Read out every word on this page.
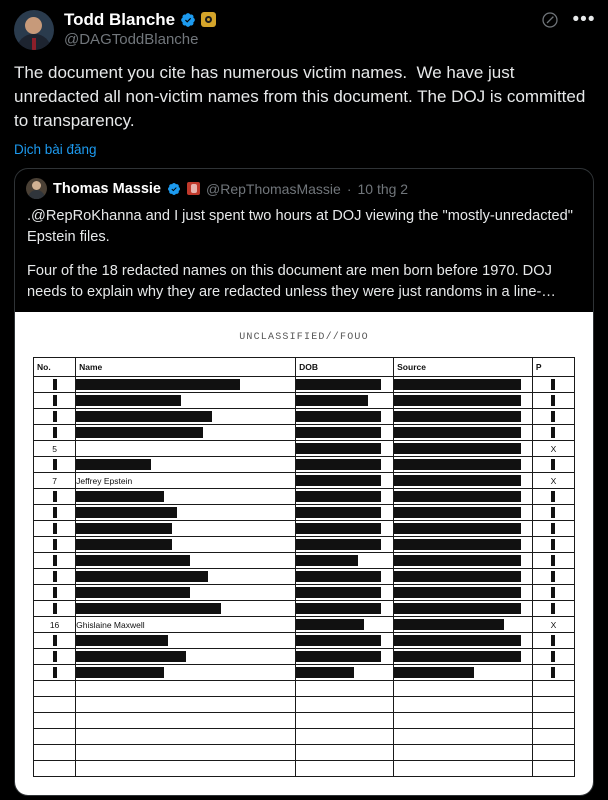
Todd Blanche
@DAGToddBlanche
•••
The document you cite has numerous victim names.  We have just unredacted all non-victim names from this document. The DOJ is committed to transparency.
Dịch bài đăng
Thomas Massie	@RepThomasMassie · 10 thg 2

.@RepRoKhanna and I just spent two hours at DOJ viewing the "mostly-unredacted" Epstein files.

Four of the 18 redacted names on this document are men born before 1970. DOJ needs to explain why they are redacted unless they were just randoms in a line-…

UNCLASSIFIED//FOUO
No.	Name	DOB	Source	P

5				X

7	Jeffrey Epstein			X

16	Ghislaine Maxwell			X
